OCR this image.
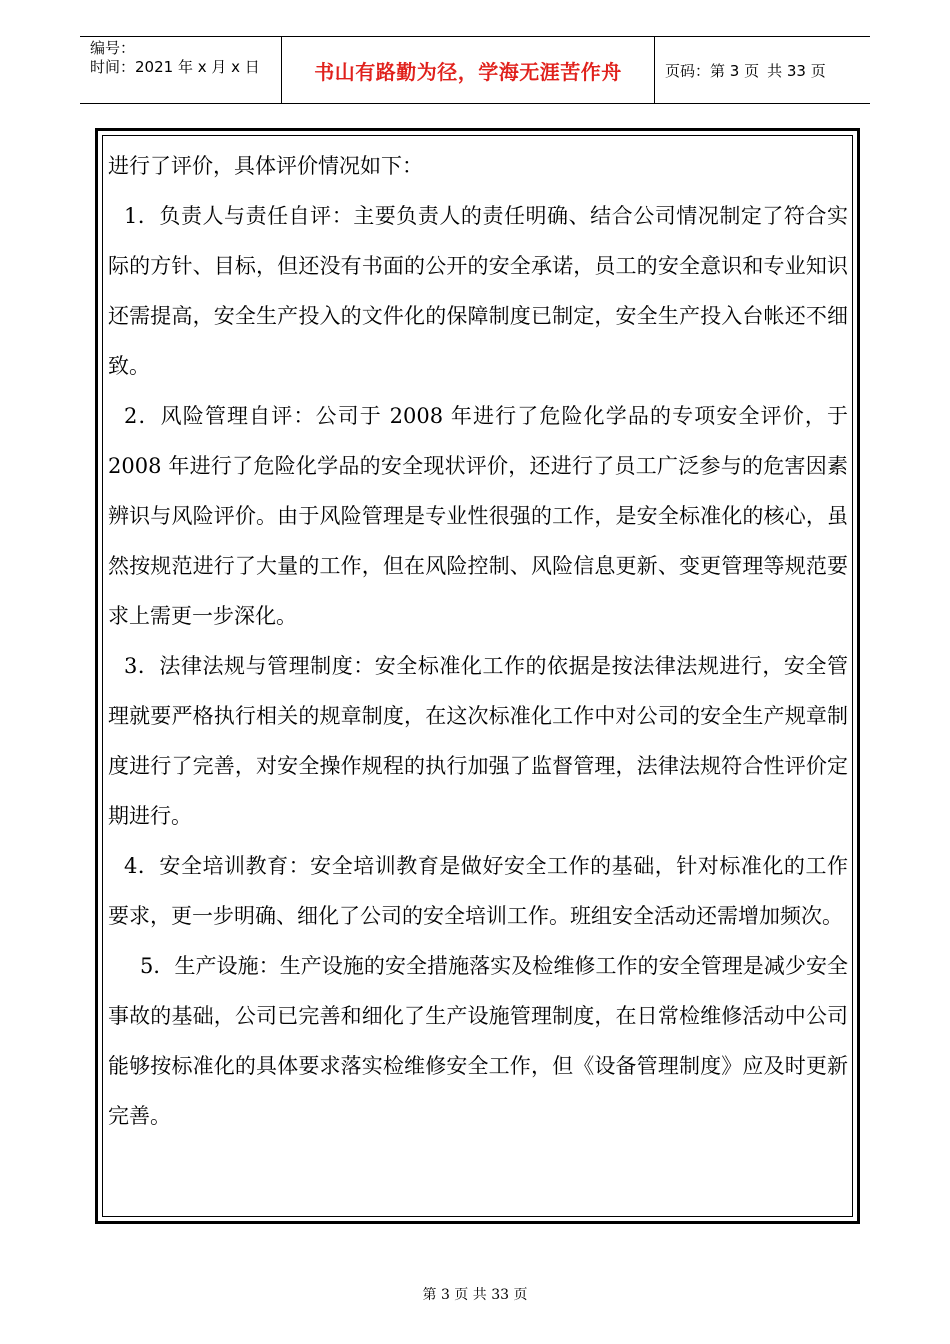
编号：
时间：2021 年 x 月 x 日	书山有路勤为径，学海无涯苦作舟	页码：第 3 页 共 33 页

进行了评价，具体评价情况如下：

1．负责人与责任自评：主要负责人的责任明确、结合公司情况制定了符合实际的方针、目标，但还没有书面的公开的安全承诺，员工的安全意识和专业知识还需提高，安全生产投入的文件化的保障制度已制定，安全生产投入台帐还不细致。

2．风险管理自评：公司于 2008 年进行了危险化学品的专项安全评价，于 2008 年进行了危险化学品的安全现状评价，还进行了员工广泛参与的危害因素辨识与风险评价。由于风险管理是专业性很强的工作，是安全标准化的核心，虽然按规范进行了大量的工作，但在风险控制、风险信息更新、变更管理等规范要求上需更一步深化。

3．法律法规与管理制度：安全标准化工作的依据是按法律法规进行，安全管理就要严格执行相关的规章制度，在这次标准化工作中对公司的安全生产规章制度进行了完善，对安全操作规程的执行加强了监督管理，法律法规符合性评价定期进行。

4．安全培训教育：安全培训教育是做好安全工作的基础，针对标准化的工作要求，更一步明确、细化了公司的安全培训工作。班组安全活动还需增加频次。

5．生产设施：生产设施的安全措施落实及检维修工作的安全管理是减少安全事故的基础，公司已完善和细化了生产设施管理制度，在日常检维修活动中公司能够按标准化的具体要求落实检维修安全工作，但《设备管理制度》应及时更新完善。

第 3 页 共 33 页
